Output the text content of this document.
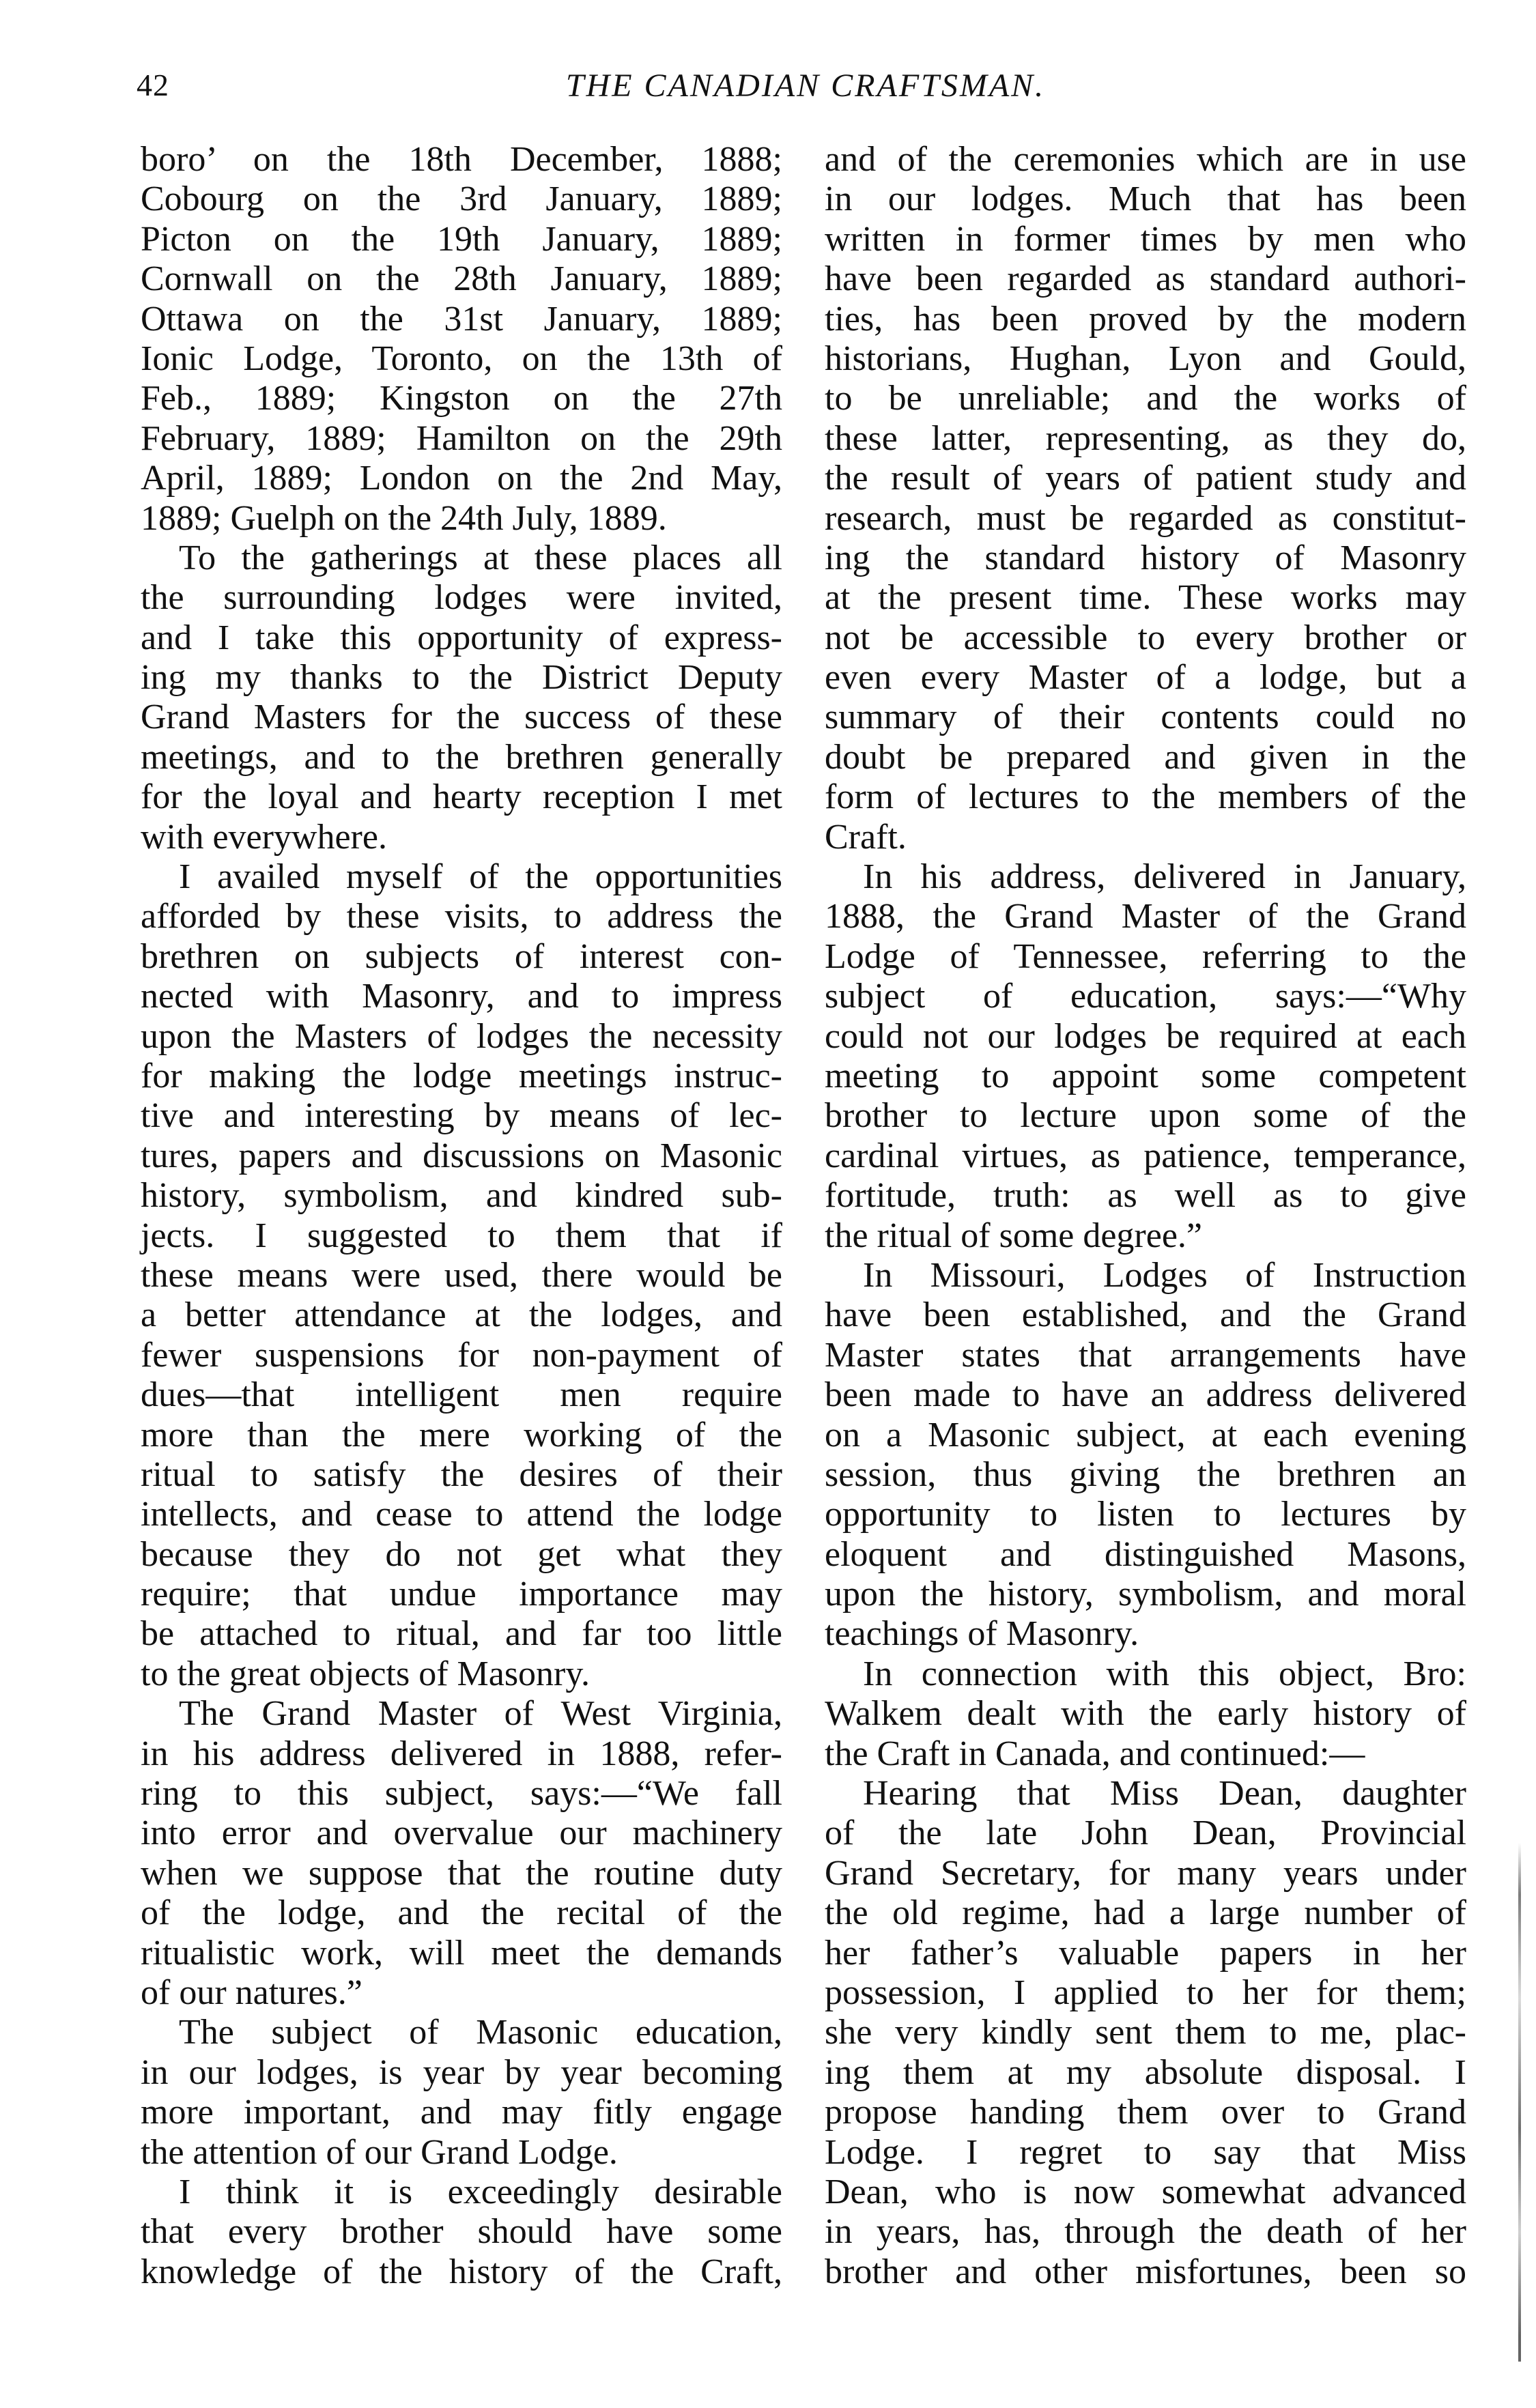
42	THE CANADIAN CRAFTSMAN.
boro’ on the 18th December, 1888;
Cobourg on the 3rd January, 1889;
Picton on the 19th January, 1889;
Cornwall on the 28th January, 1889;
Ottawa on the 31st January, 1889;
Ionic Lodge, Toronto, on the 13th of
Feb., 1889; Kingston on the 27th
February, 1889; Hamilton on the 29th
April, 1889; London on the 2nd May,
1889; Guelph on the 24th July, 1889.
To the gatherings at these places all
the surrounding lodges were invited,
and I take this opportunity of express-
ing my thanks to the District Deputy
Grand Masters for the success of these
meetings, and to the brethren generally
for the loyal and hearty reception I met
with everywhere.
I availed myself of the opportunities
afforded by these visits, to address the
brethren on subjects of interest con-
nected with Masonry, and to impress
upon the Masters of lodges the necessity
for making the lodge meetings instruc-
tive and interesting by means of lec-
tures, papers and discussions on Masonic
history, symbolism, and kindred sub-
jects. I suggested to them that if
these means were used, there would be
a better attendance at the lodges, and
fewer suspensions for non-payment of
dues—that intelligent men require
more than the mere working of the
ritual to satisfy the desires of their
intellects, and cease to attend the lodge
because they do not get what they
require; that undue importance may
be attached to ritual, and far too little
to the great objects of Masonry.
The Grand Master of West Virginia,
in his address delivered in 1888, refer-
ring to this subject, says:—“We fall
into error and overvalue our machinery
when we suppose that the routine duty
of the lodge, and the recital of the
ritualistic work, will meet the demands
of our natures.”
The subject of Masonic education,
in our lodges, is year by year becoming
more important, and may fitly engage
the attention of our Grand Lodge.
I think it is exceedingly desirable
that every brother should have some
knowledge of the history of the Craft,
and of the ceremonies which are in use
in our lodges. Much that has been
written in former times by men who
have been regarded as standard authori-
ties, has been proved by the modern
historians, Hughan, Lyon and Gould,
to be unreliable; and the works of
these latter, representing, as they do,
the result of years of patient study and
research, must be regarded as constitut-
ing the standard history of Masonry
at the present time. These works may
not be accessible to every brother or
even every Master of a lodge, but a
summary of their contents could no
doubt be prepared and given in the
form of lectures to the members of the
Craft.
In his address, delivered in January,
1888, the Grand Master of the Grand
Lodge of Tennessee, referring to the
subject of education, says:—“Why
could not our lodges be required at each
meeting to appoint some competent
brother to lecture upon some of the
cardinal virtues, as patience, temperance,
fortitude, truth: as well as to give
the ritual of some degree.”
In Missouri, Lodges of Instruction
have been established, and the Grand
Master states that arrangements have
been made to have an address delivered
on a Masonic subject, at each evening
session, thus giving the brethren an
opportunity to listen to lectures by
eloquent and distinguished Masons,
upon the history, symbolism, and moral
teachings of Masonry.
In connection with this object, Bro:
Walkem dealt with the early history of
the Craft in Canada, and continued:—
Hearing that Miss Dean, daughter
of the late John Dean, Provincial
Grand Secretary, for many years under
the old regime, had a large number of
her father’s valuable papers in her
possession, I applied to her for them;
she very kindly sent them to me, plac-
ing them at my absolute disposal. I
propose handing them over to Grand
Lodge. I regret to say that Miss
Dean, who is now somewhat advanced
in years, has, through the death of her
brother and other misfortunes, been so
